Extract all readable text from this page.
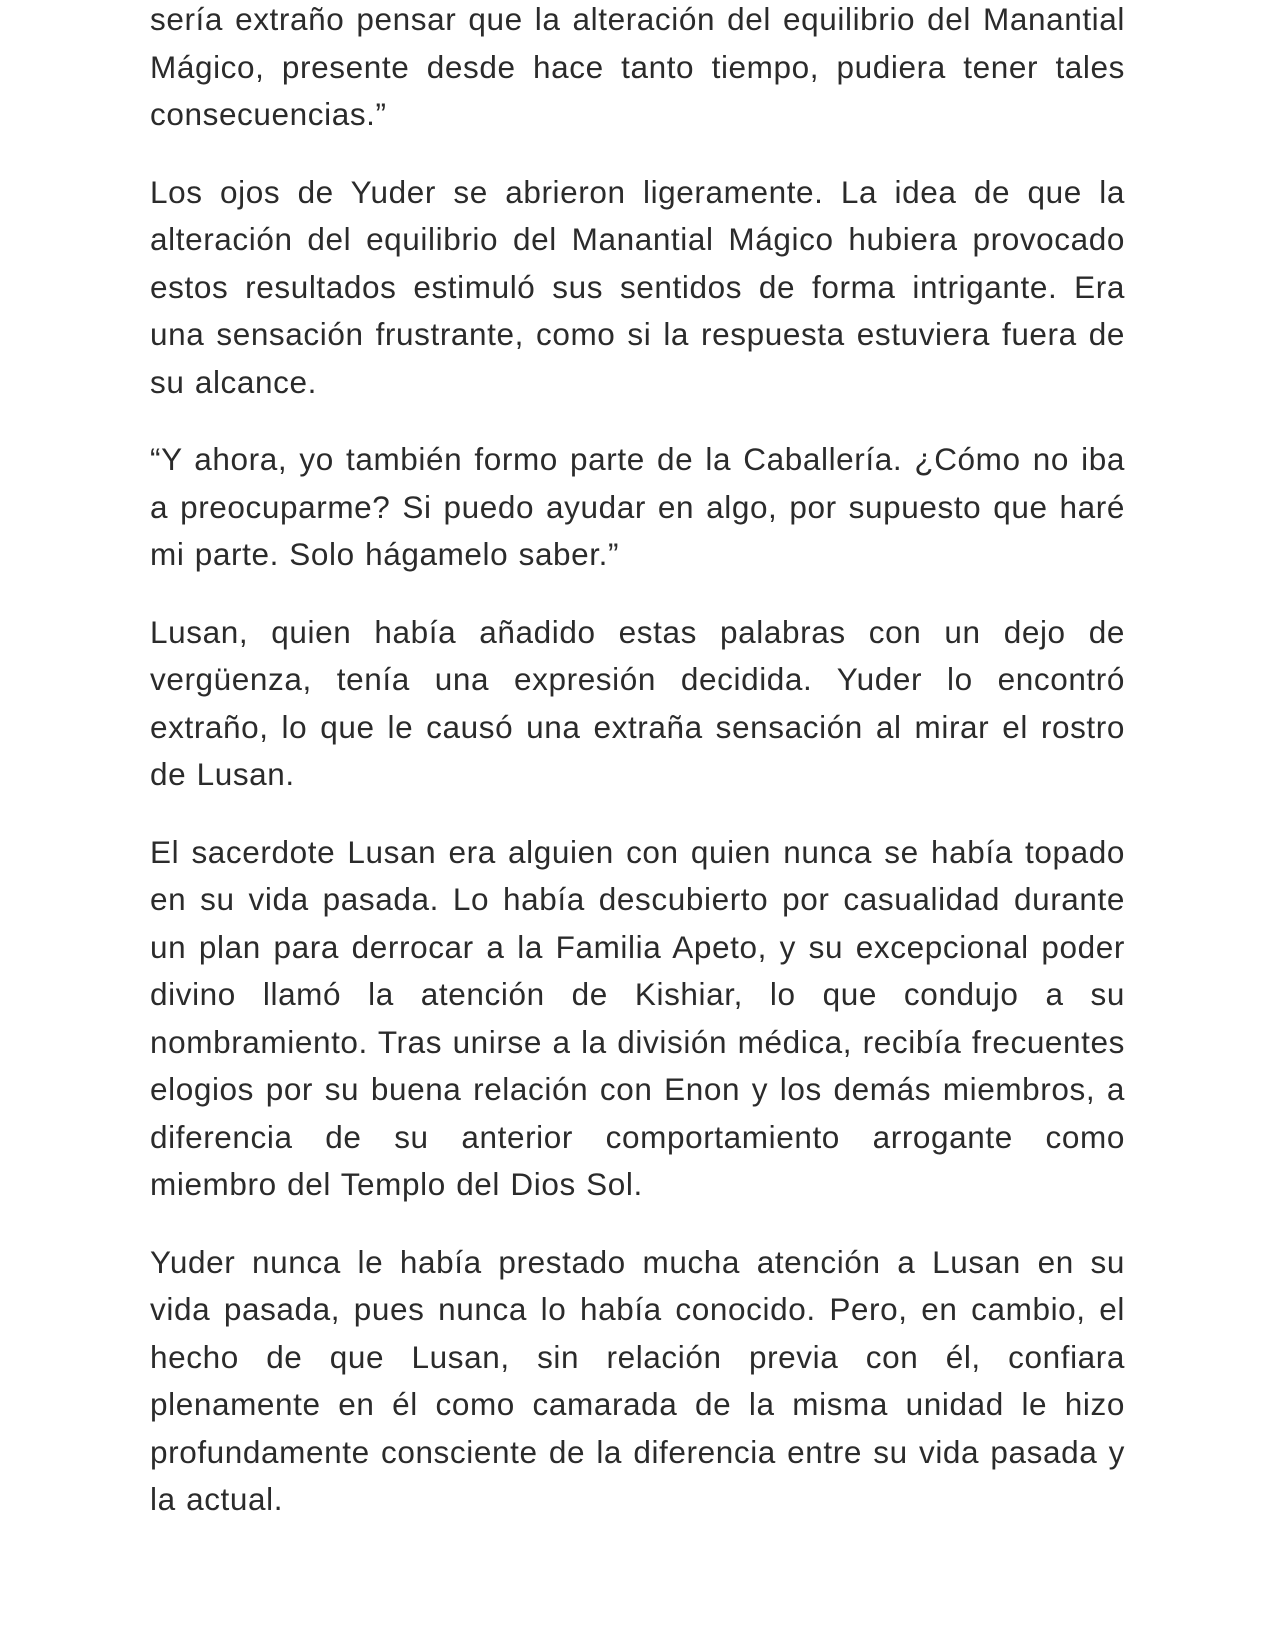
sería extraño pensar que la alteración del equilibrio del Manantial Mágico, presente desde hace tanto tiempo, pudiera tener tales consecuencias.”

Los ojos de Yuder se abrieron ligeramente. La idea de que la alteración del equilibrio del Manantial Mágico hubiera provocado estos resultados estimuló sus sentidos de forma intrigante. Era una sensación frustrante, como si la respuesta estuviera fuera de su alcance.

“Y ahora, yo también formo parte de la Caballería. ¿Cómo no iba a preocuparme? Si puedo ayudar en algo, por supuesto que haré mi parte. Solo hágamelo saber.”

Lusan, quien había añadido estas palabras con un dejo de vergüenza, tenía una expresión decidida. Yuder lo encontró extraño, lo que le causó una extraña sensación al mirar el rostro de Lusan.

El sacerdote Lusan era alguien con quien nunca se había topado en su vida pasada. Lo había descubierto por casualidad durante un plan para derrocar a la Familia Apeto, y su excepcional poder divino llamó la atención de Kishiar, lo que condujo a su nombramiento. Tras unirse a la división médica, recibía frecuentes elogios por su buena relación con Enon y los demás miembros, a diferencia de su anterior comportamiento arrogante como miembro del Templo del Dios Sol.

Yuder nunca le había prestado mucha atención a Lusan en su vida pasada, pues nunca lo había conocido. Pero, en cambio, el hecho de que Lusan, sin relación previa con él, confiara plenamente en él como camarada de la misma unidad le hizo profundamente consciente de la diferencia entre su vida pasada y la actual.
